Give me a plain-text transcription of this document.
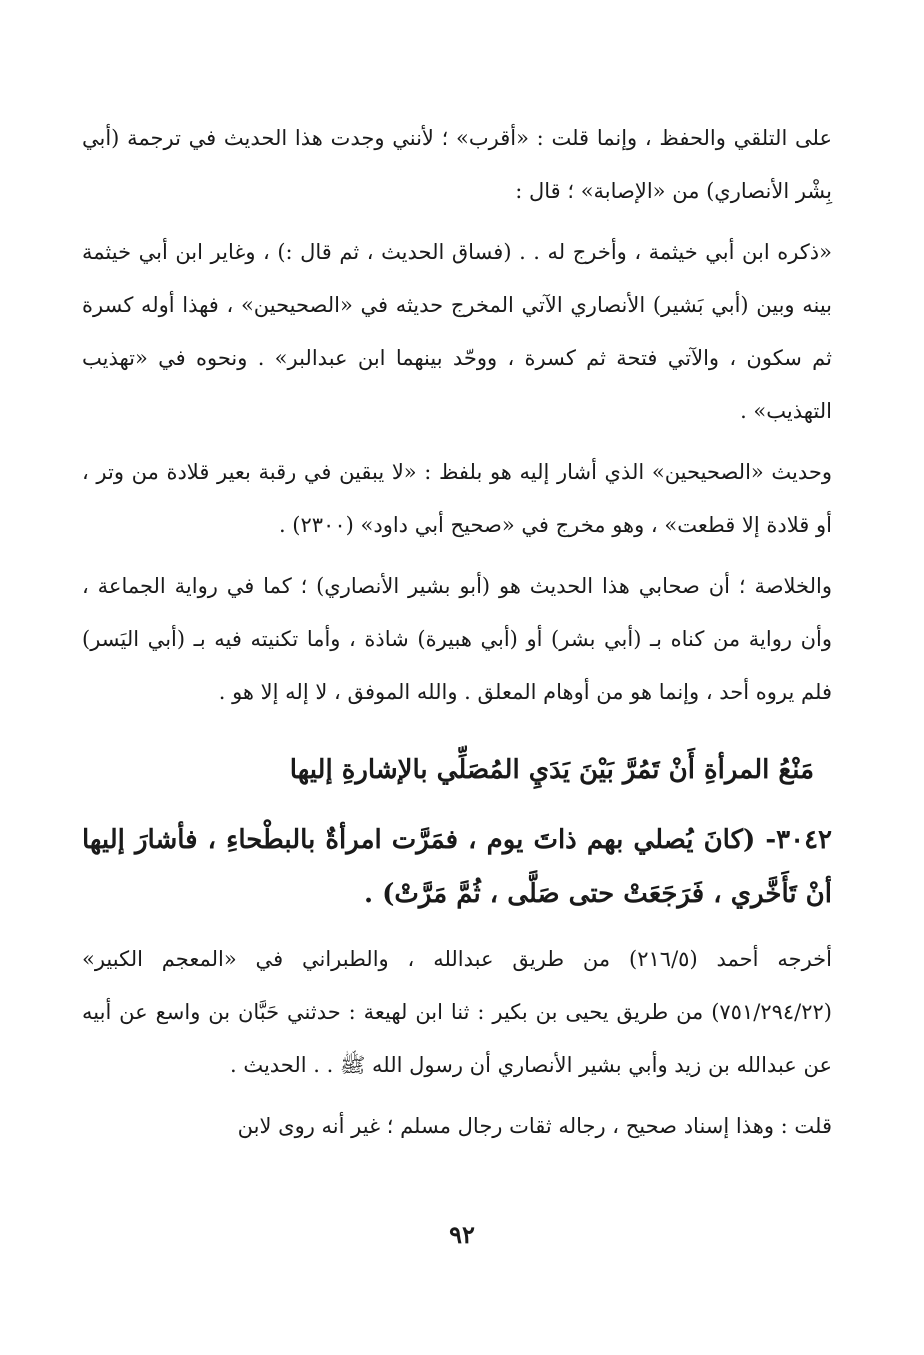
على التلقي والحفظ ، وإنما قلت : «أقرب» ؛ لأنني وجدت هذا الحديث في ترجمة (أبي بِشْر الأنصاري) من «الإصابة» ؛ قال :

«ذكره ابن أبي خيثمة ، وأخرج له . . (فساق الحديث ، ثم قال :) ، وغاير ابن أبي خيثمة بينه وبين (أبي بَشير) الأنصاري الآتي المخرج حديثه في «الصحيحين» ، فهذا أوله كسرة ثم سكون ، والآتي فتحة ثم كسرة ، ووحّد بينهما ابن عبدالبر» . ونحوه في «تهذيب التهذيب» .

وحديث «الصحيحين» الذي أشار إليه هو بلفظ : «لا يبقين في رقبة بعير قلادة من وتر ، أو قلادة إلا قطعت» ، وهو مخرج في «صحيح أبي داود» (٢٣٠٠) .

والخلاصة ؛ أن صحابي هذا الحديث هو (أبو بشير الأنصاري) ؛ كما في رواية الجماعة ، وأن رواية من كناه بـ (أبي بشر) أو (أبي هبيرة) شاذة ، وأما تكنيته فيه بـ (أبي اليَسر) فلم يروه أحد ، وإنما هو من أوهام المعلق . والله الموفق ، لا إله إلا هو .

مَنْعُ المرأةِ أَنْ تَمُرَّ بَيْنَ يَدَيِ المُصَلِّي بالإشارةِ إليها
٣٠٤٢- (كانَ يُصلي بهم ذاتَ يوم ، فمَرَّت امرأةٌ بالبطْحاءِ ، فأشارَ إليها أنْ تَأَخَّري ، فَرَجَعَتْ حتى صَلَّى ، ثُمَّ مَرَّتْ) .

أخرجه أحمد (٢١٦/٥) من طريق عبدالله ، والطبراني في «المعجم الكبير» (٧٥١/٢٩٤/٢٢) من طريق يحيى بن بكير : ثنا ابن لهيعة : حدثني حَبَّان بن واسع عن أبيه عن عبدالله بن زيد وأبي بشير الأنصاري أن رسول الله ﷺ . . الحديث .

قلت : وهذا إسناد صحيح ، رجاله ثقات رجال مسلم ؛ غير أنه روى لابن

٩٢
